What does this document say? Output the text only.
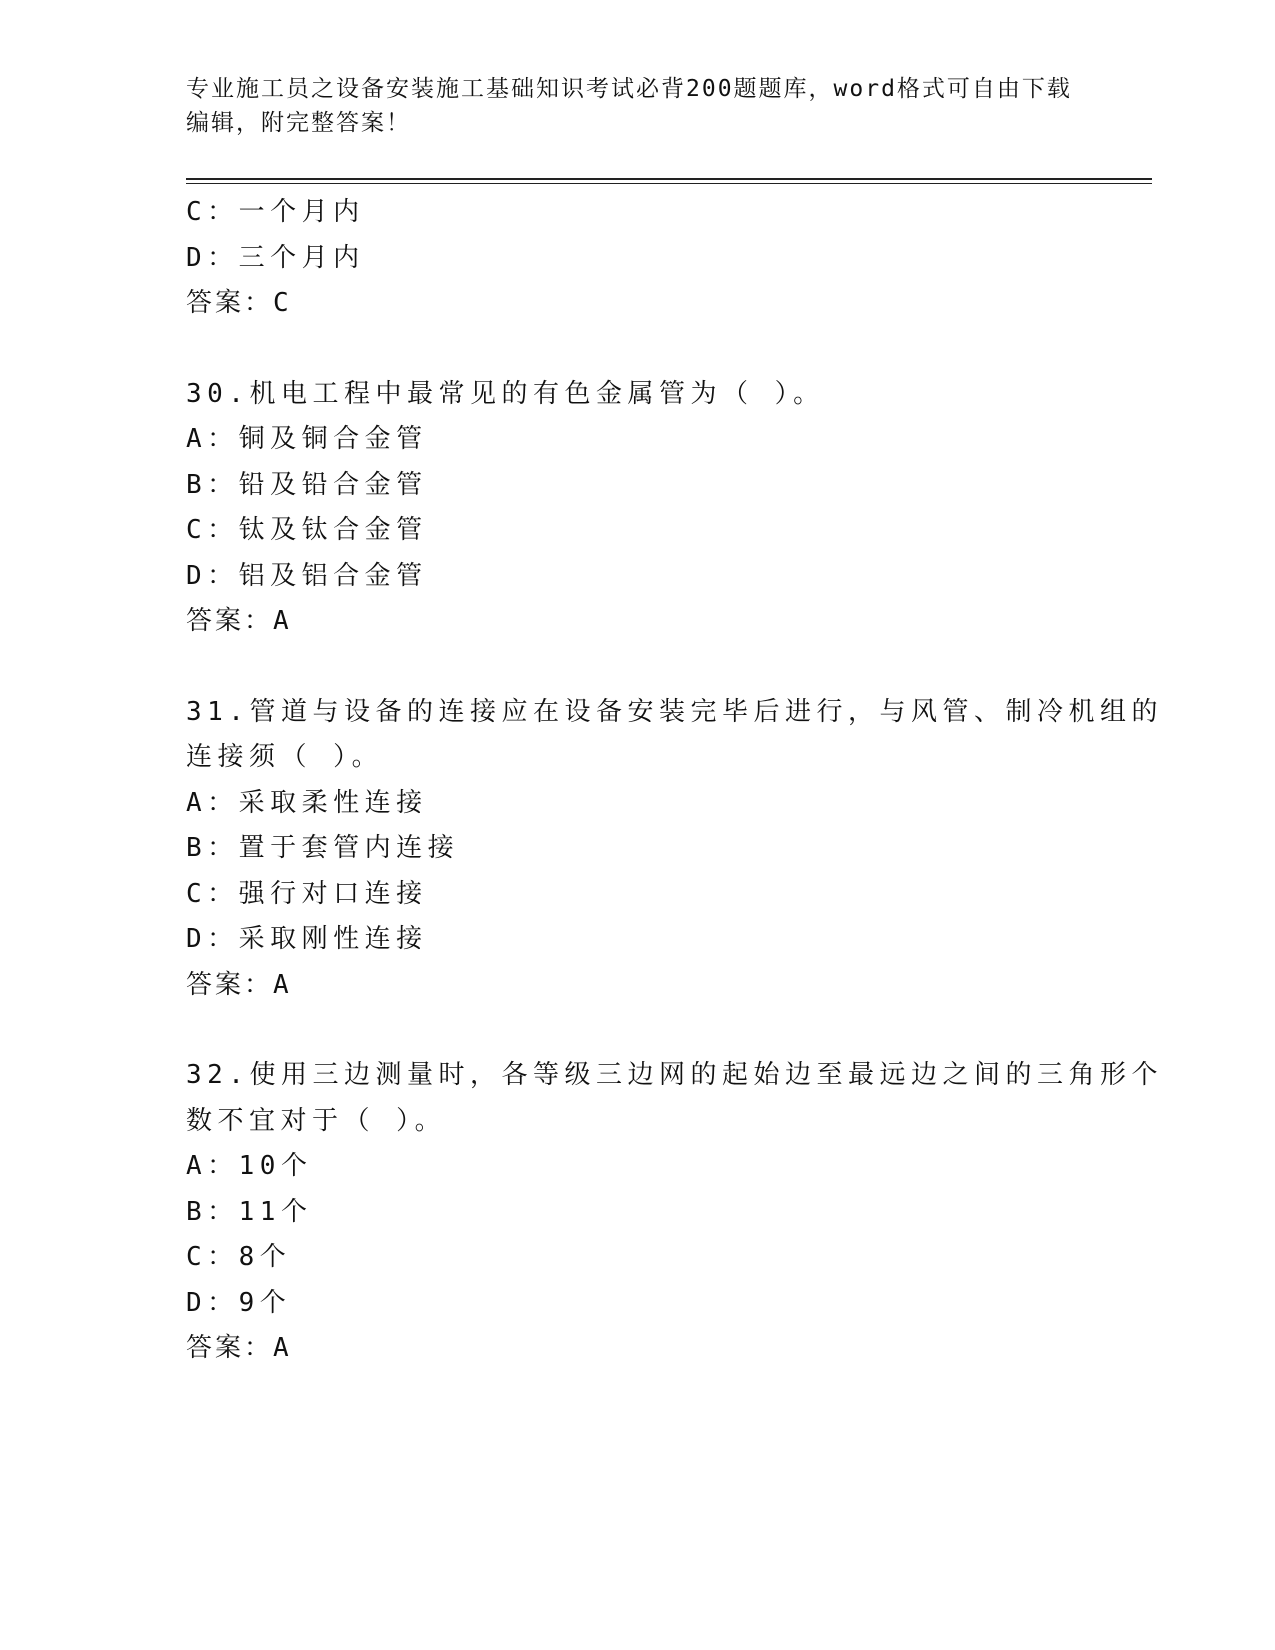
专业施工员之设备安装施工基础知识考试必背200题题库，word格式可自由下载
编辑，附完整答案！
C：一个月内
D：三个月内
答案：C
30.机电工程中最常见的有色金属管为（ ）。
A：铜及铜合金管
B：铅及铅合金管
C：钛及钛合金管
D：铝及铝合金管
答案：A
31.管道与设备的连接应在设备安装完毕后进行，与风管、制冷机组的
连接须（ ）。
A：采取柔性连接
B：置于套管内连接
C：强行对口连接
D：采取刚性连接
答案：A
32.使用三边测量时，各等级三边网的起始边至最远边之间的三角形个
数不宜对于（ ）。
A：10个
B：11个
C：8个
D：9个
答案：A
